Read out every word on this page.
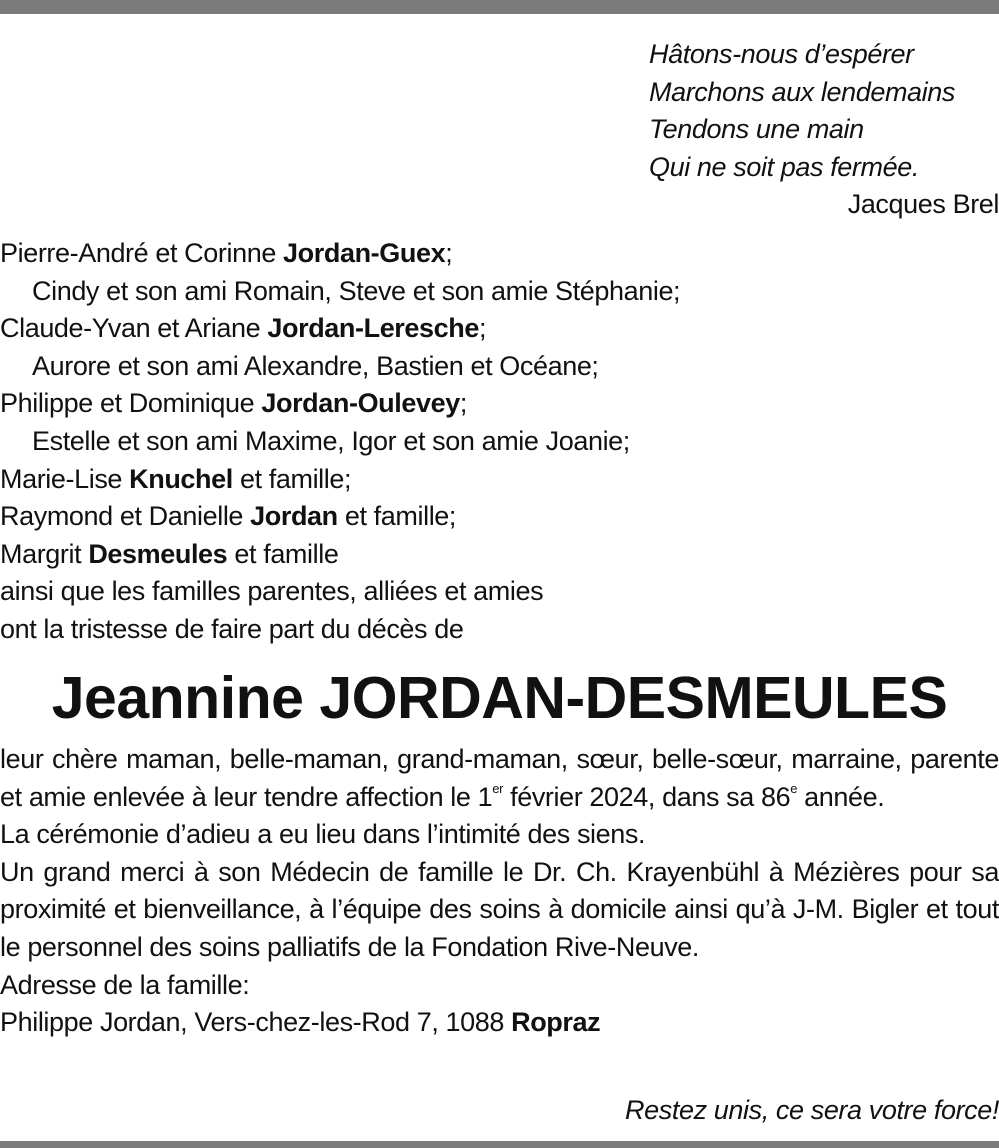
Hâtons-nous d’espérer
Marchons aux lendemains
Tendons une main
Qui ne soit pas fermée.
Jacques Brel
Pierre-André et Corinne Jordan-Guex;
Cindy et son ami Romain, Steve et son amie Stéphanie;
Claude-Yvan et Ariane Jordan-Leresche;
Aurore et son ami Alexandre, Bastien et Océane;
Philippe et Dominique Jordan-Oulevey;
Estelle et son ami Maxime, Igor et son amie Joanie;
Marie-Lise Knuchel et famille;
Raymond et Danielle Jordan et famille;
Margrit Desmeules et famille
ainsi que les familles parentes, alliées et amies
ont la tristesse de faire part du décès de
Jeannine JORDAN-DESMEULES

leur chère maman, belle-maman, grand-maman, sœur, belle-sœur, marraine, parente et amie enlevée à leur tendre affection le 1er février 2024, dans sa 86e année.

La cérémonie d’adieu a eu lieu dans l’intimité des siens.

Un grand merci à son Médecin de famille le Dr. Ch. Krayenbühl à Mézières pour sa proximité et bienveillance, à l’équipe des soins à domicile ainsi qu’à J-M. Bigler et tout le personnel des soins palliatifs de la Fondation Rive-Neuve.

Adresse de la famille:

Philippe Jordan, Vers-chez-les-Rod 7, 1088 Ropraz

Restez unis, ce sera votre force!
